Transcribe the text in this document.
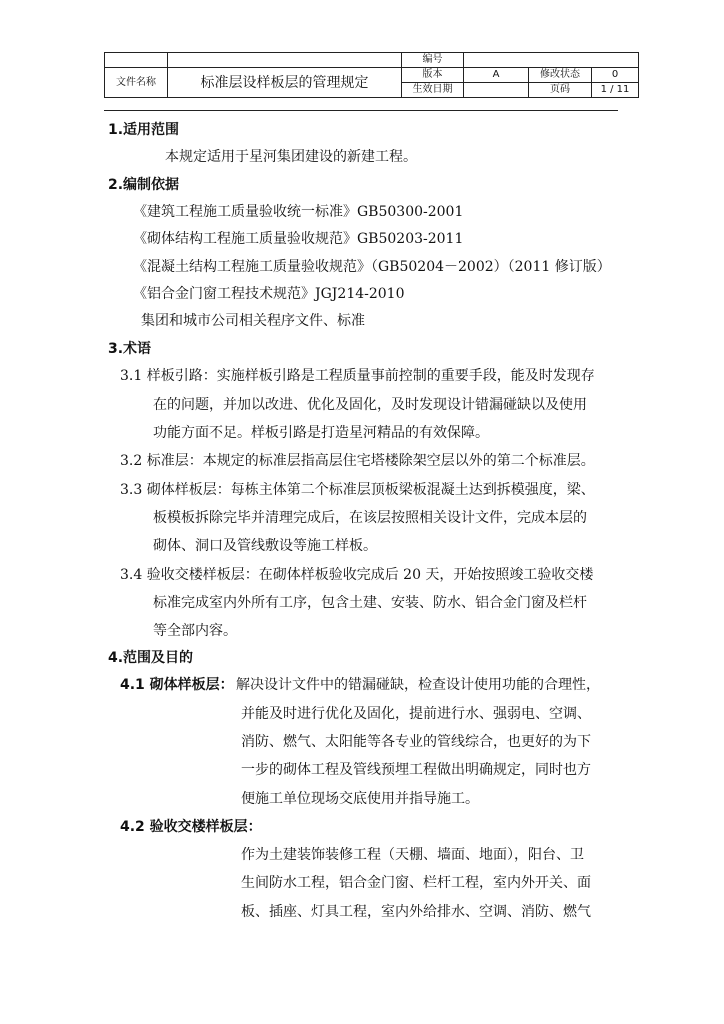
		编号			
文件名称	标准层设样板层的管理规定	版本	A	修改状态	0
		生效日期		页码	1 / 11
1.适用范围
本规定适用于星河集团建设的新建工程。
2.编制依据
《建筑工程施工质量验收统一标准》GB50300-2001
《砌体结构工程施工质量验收规范》GB50203-2011
《混凝土结构工程施工质量验收规范》（GB50204－2002）（2011 修订版）
《铝合金门窗工程技术规范》JGJ214-2010
集团和城市公司相关程序文件、标准
3.术语
3.1 样板引路：实施样板引路是工程质量事前控制的重要手段，能及时发现存
在的问题，并加以改进、优化及固化，及时发现设计错漏碰缺以及使用
功能方面不足。样板引路是打造星河精品的有效保障。
3.2 标准层：本规定的标准层指高层住宅塔楼除架空层以外的第二个标准层。
3.3 砌体样板层：每栋主体第二个标准层顶板梁板混凝土达到拆模强度，梁、
板模板拆除完毕并清理完成后，在该层按照相关设计文件，完成本层的
砌体、洞口及管线敷设等施工样板。
3.4 验收交楼样板层：在砌体样板验收完成后 20 天，开始按照竣工验收交楼
标准完成室内外所有工序，包含土建、安装、防水、铝合金门窗及栏杆
等全部内容。
4.范围及目的
4.1 砌体样板层： 解决设计文件中的错漏碰缺，检查设计使用功能的合理性，
并能及时进行优化及固化，提前进行水、强弱电、空调、
消防、燃气、太阳能等各专业的管线综合，也更好的为下
一步的砌体工程及管线预埋工程做出明确规定，同时也方
便施工单位现场交底使用并指导施工。
4.2 验收交楼样板层：
作为土建装饰装修工程（天棚、墙面、地面），阳台、卫
生间防水工程，铝合金门窗、栏杆工程，室内外开关、面
板、插座、灯具工程，室内外给排水、空调、消防、燃气
